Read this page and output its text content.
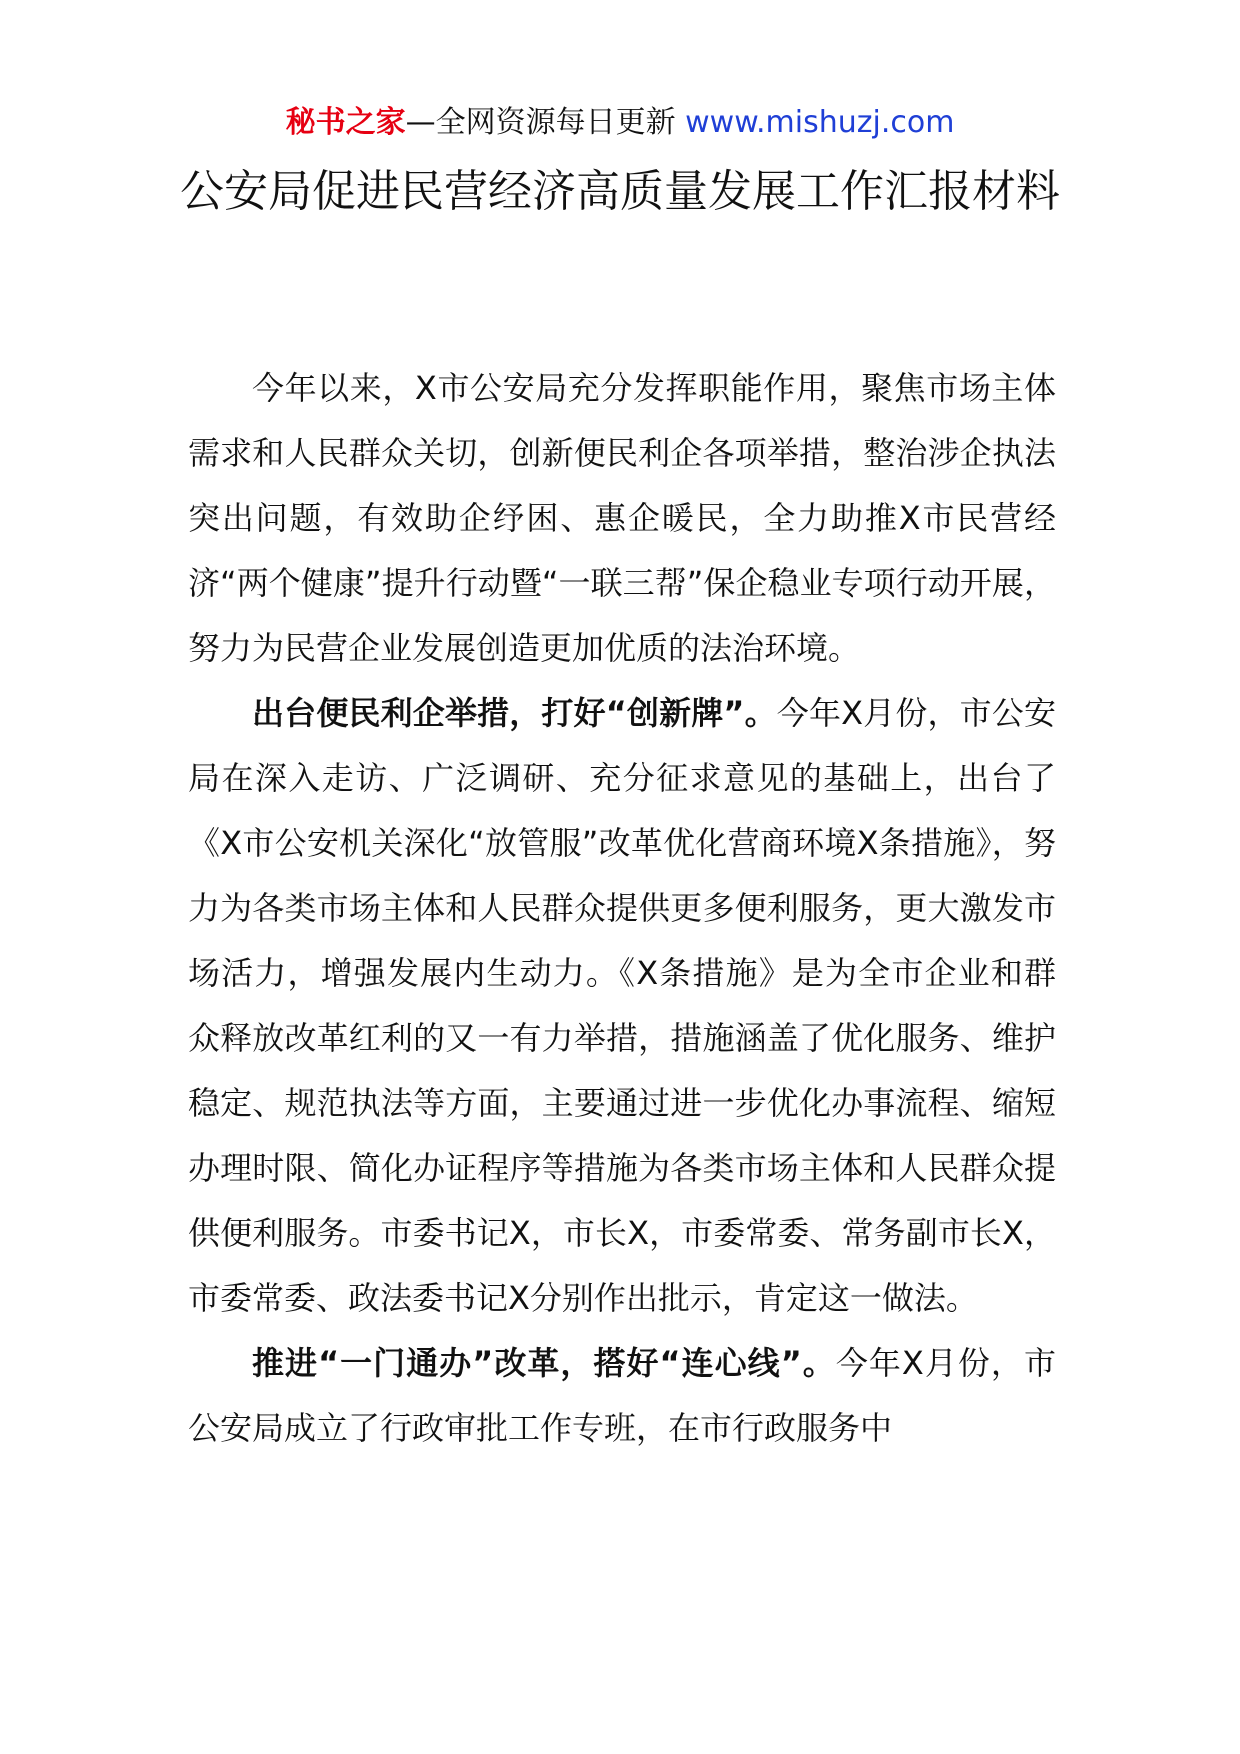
秘书之家—全网资源每日更新 www.mishuzj.com
公安局促进民营经济高质量发展工作汇报材料

今年以来，X市公安局充分发挥职能作用，聚焦市场主体需求和人民群众关切，创新便民利企各项举措，整治涉企执法突出问题，有效助企纾困、惠企暖民，全力助推X市民营经济“两个健康”提升行动暨“一联三帮”保企稳业专项行动开展，努力为民营企业发展创造更加优质的法治环境。

出台便民利企举措，打好“创新牌”。今年X月份，市公安局在深入走访、广泛调研、充分征求意见的基础上，出台了《X市公安机关深化“放管服”改革优化营商环境X条措施》，努力为各类市场主体和人民群众提供更多便利服务，更大激发市场活力，增强发展内生动力。《X条措施》是为全市企业和群众释放改革红利的又一有力举措，措施涵盖了优化服务、维护稳定、规范执法等方面，主要通过进一步优化办事流程、缩短办理时限、简化办证程序等措施为各类市场主体和人民群众提供便利服务。市委书记X，市长X，市委常委、常务副市长X，市委常委、政法委书记X分别作出批示，肯定这一做法。

推进“一门通办”改革，搭好“连心线”。今年X月份，市公安局成立了行政审批工作专班，在市行政服务中
